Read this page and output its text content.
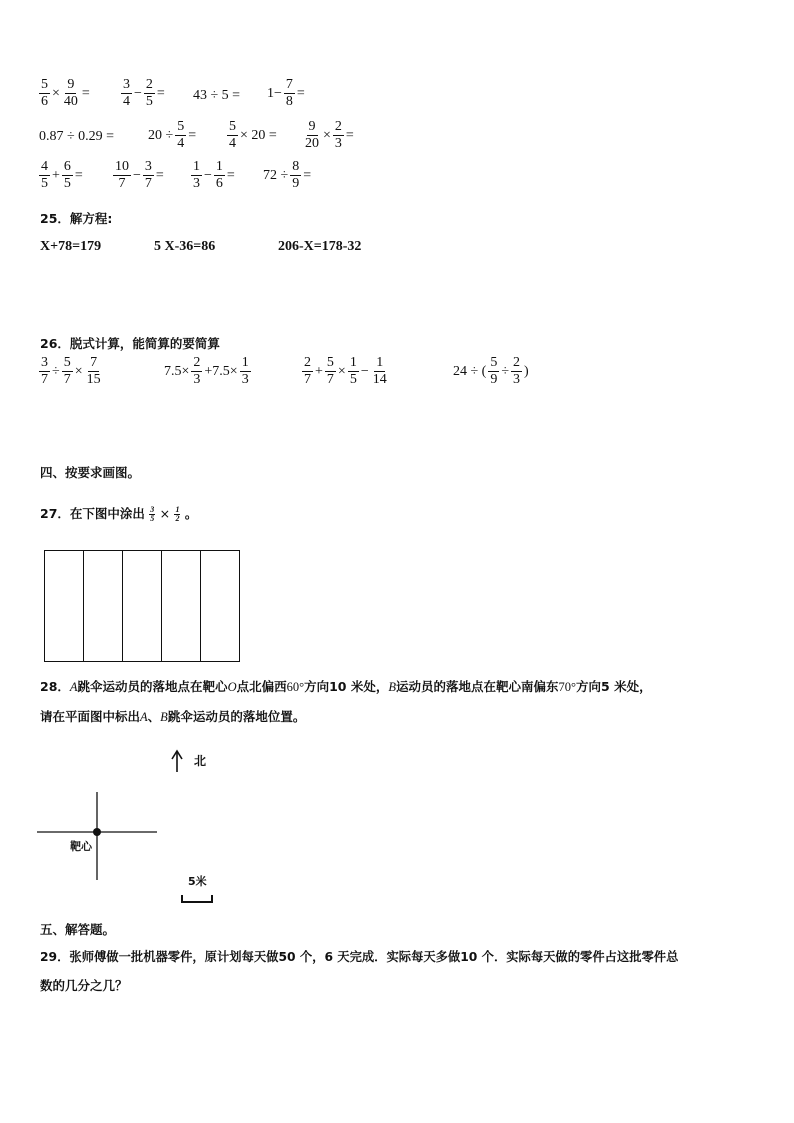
$\frac{5}{6} \times \frac{9}{40} = \frac{3}{4} - \frac{2}{5} = 43 \div 5 = 1- \frac{7}{8}$ =
$0.87 \div 0.29 = 20 \div \frac{5}{4} = \frac{5}{4} \times 20 = \frac{9}{20} \times \frac{2}{3}$ =
$\frac{4}{5} + \frac{6}{5} = \frac{10}{7} - \frac{3}{7} = \frac{1}{3} - \frac{1}{6} = 72 \div \frac{8}{9}$ =
25．解方程:
X+78=179	5 X-36=86	206-X=178-32
26．脱式计算，能简算的要简算
$\frac{3}{7} \div \frac{5}{7} \times \frac{7}{15}$	$7.5\times \frac{2}{3} +7.5\times \frac{1}{3}$	$\frac{2}{7} + \frac{5}{7} \times \frac{1}{5} - \frac{1}{14}$	24 ÷ ( $\frac{5}{9} \div \frac{2}{3}$ )
四、按要求画图。
27．在下图中涂出 $\frac{3}{5} \times \frac{1}{2}$ 。
28．A跳伞运动员的落地点在靶心O点北偏西60°方向10 米处，B运动员的落地点在靶心南偏东70°方向5 米处，
请在平面图中标出A、B跳伞运动员的落地位置。
北
靶心
5米
五、解答题。
29．张师傅做一批机器零件，原计划每天做50 个，6 天完成．实际每天多做10 个．实际每天做的零件占这批零件总
数的几分之几？
